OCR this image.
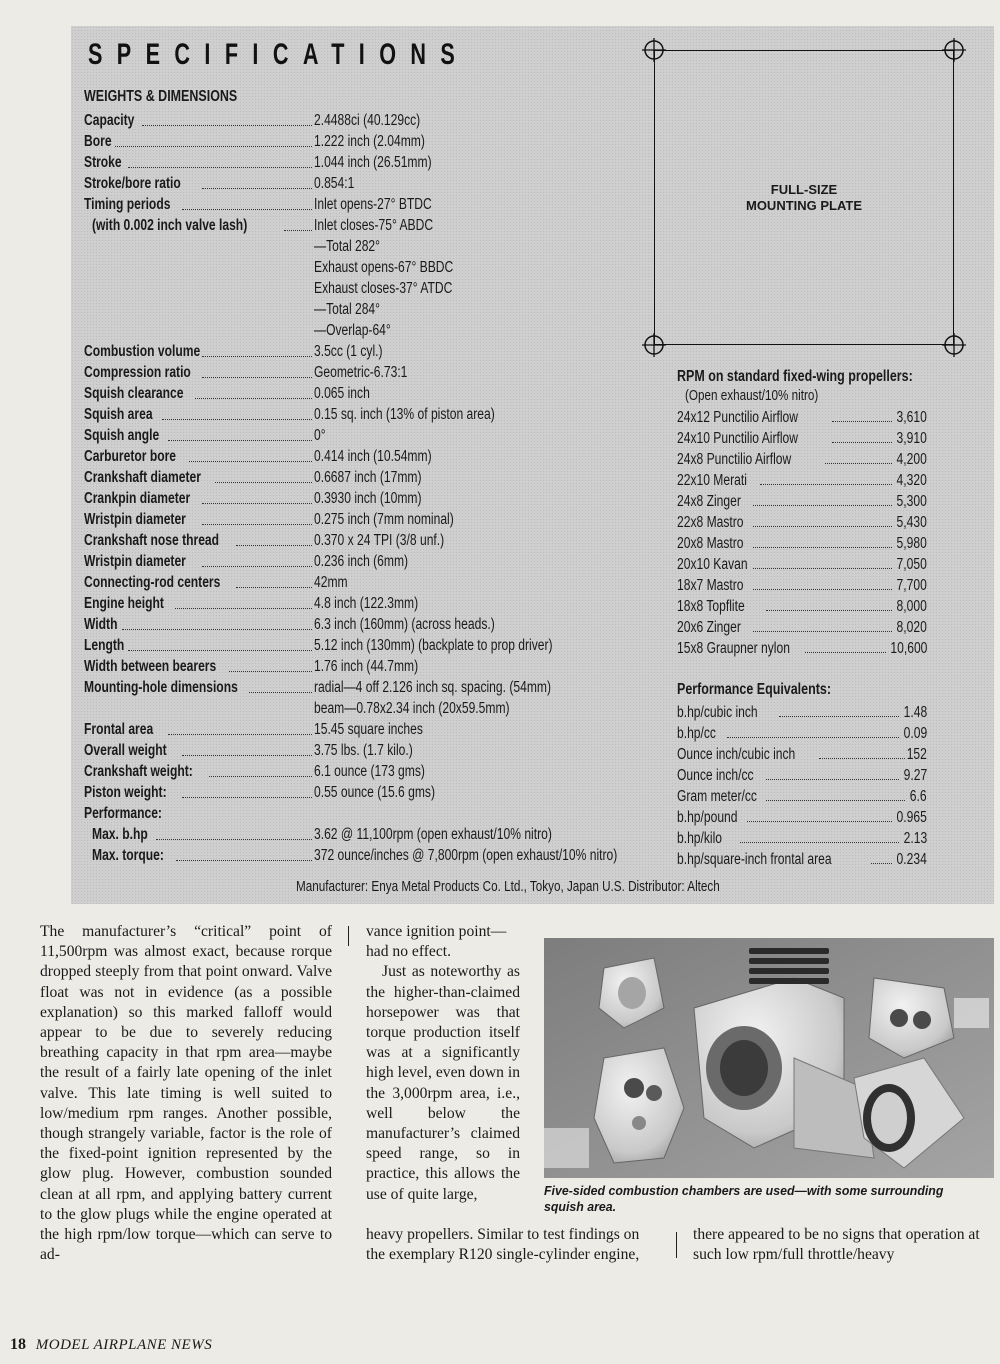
SPECIFICATIONS
WEIGHTS & DIMENSIONS
Capacity	2.4488ci (40.129cc)
Bore	1.222 inch (2.04mm)
Stroke	1.044 inch (26.51mm)
Stroke/bore ratio	0.854:1
Timing periods	Inlet opens-27° BTDC
(with 0.002 inch valve lash)	Inlet closes-75° ABDC
—Total 282°
Exhaust opens-67° BBDC
Exhaust closes-37° ATDC
—Total 284°
—Overlap-64°
Combustion volume	3.5cc (1 cyl.)
Compression ratio	Geometric-6.73:1
Squish clearance	0.065 inch
Squish area	0.15 sq. inch (13% of piston area)
Squish angle	0°
Carburetor bore	0.414 inch (10.54mm)
Crankshaft diameter	0.6687 inch (17mm)
Crankpin diameter	0.3930 inch (10mm)
Wristpin diameter	0.275 inch (7mm nominal)
Crankshaft nose thread	0.370 x 24 TPI (3/8 unf.)
Wristpin diameter	0.236 inch (6mm)
Connecting-rod centers	42mm
Engine height	4.8 inch (122.3mm)
Width	6.3 inch (160mm) (across heads.)
Length	5.12 inch (130mm) (backplate to prop driver)
Width between bearers	1.76 inch (44.7mm)
Mounting-hole dimensions	radial—4 off 2.126 inch sq. spacing. (54mm)
beam—0.78x2.34 inch (20x59.5mm)
Frontal area	15.45 square inches
Overall weight	3.75 lbs. (1.7 kilo.)
Crankshaft weight:	6.1 ounce (173 gms)
Piston weight:	0.55 ounce (15.6 gms)
Performance:
Max. b.hp	3.62 @ 11,100rpm (open exhaust/10% nitro)
Max. torque:	372 ounce/inches @ 7,800rpm (open exhaust/10% nitro)
FULL-SIZE
MOUNTING PLATE
RPM on standard fixed-wing propellers:
(Open exhaust/10% nitro)
24x12 Punctilio Airflow	3,610
24x10 Punctilio Airflow	3,910
24x8 Punctilio Airflow	4,200
22x10 Merati	4,320
24x8 Zinger	5,300
22x8 Mastro	5,430
20x8 Mastro	5,980
20x10 Kavan	7,050
18x7 Mastro	7,700
18x8 Topflite	8,000
20x6 Zinger	8,020
15x8 Graupner nylon	10,600
Performance Equivalents:
b.hp/cubic inch	1.48
b.hp/cc	0.09
Ounce inch/cubic inch	152
Ounce inch/cc	9.27
Gram meter/cc	6.6
b.hp/pound	0.965
b.hp/kilo	2.13
b.hp/square-inch frontal area	0.234
Manufacturer: Enya Metal Products Co. Ltd., Tokyo, Japan U.S. Distributor: Altech

The manufacturer’s “critical” point of 11,500rpm was almost exact, because rorque dropped steeply from that point onward. Valve float was not in evidence (as a possible explanation) so this marked falloff would appear to be due to severely reducing breathing capacity in that rpm area—maybe the result of a fairly late opening of the inlet valve. This late timing is well suited to low/medium rpm ranges. Another possible, though strangely variable, factor is the role of the fixed-point ignition represented by the glow plug. However, combustion sounded clean at all rpm, and applying battery current to the glow plugs while the engine operated at the high rpm/low torque—which can serve to ad-

vance ignition point—had no effect.

Just as noteworthy as the higher-than-claimed horsepower was that torque production itself was at a significantly high level, even down in the 3,000rpm area, i.e., well below the manufacturer’s claimed speed range, so in practice, this allows the use of quite large,

heavy propellers. Similar to test findings on the exemplary R120 single-cylinder engine,

there appeared to be no signs that operation at such low rpm/full throttle/heavy

Five-sided combustion chambers are used—with some surrounding squish area.
18 MODEL AIRPLANE NEWS
